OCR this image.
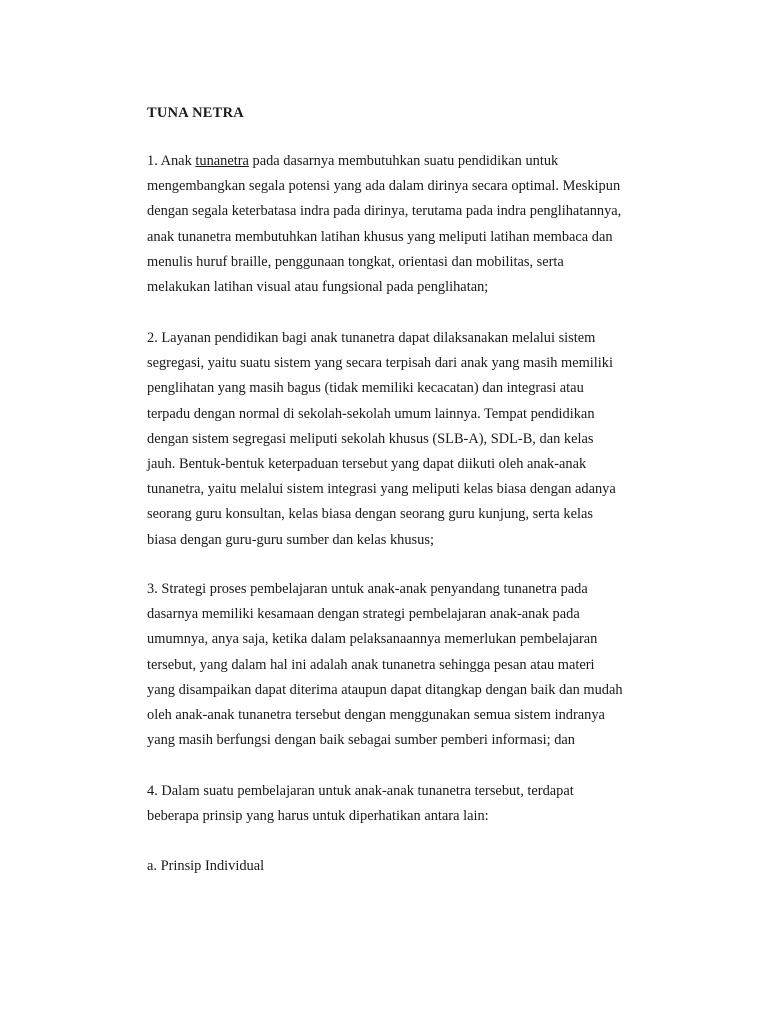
TUNA NETRA

1. Anak tunanetra pada dasarnya membutuhkan suatu pendidikan untuk
mengembangkan segala potensi yang ada dalam dirinya secara optimal. Meskipun
dengan segala keterbatasa indra pada dirinya, terutama pada indra penglihatannya,
anak tunanetra membutuhkan latihan khusus yang meliputi latihan membaca dan
menulis huruf braille, penggunaan tongkat, orientasi dan mobilitas, serta
melakukan latihan visual atau fungsional pada penglihatan;

2. Layanan pendidikan bagi anak tunanetra dapat dilaksanakan melalui sistem
segregasi, yaitu suatu sistem yang secara terpisah dari anak yang masih memiliki
penglihatan yang masih bagus (tidak memiliki kecacatan) dan integrasi atau
terpadu dengan normal di sekolah-sekolah umum lainnya. Tempat pendidikan
dengan sistem segregasi meliputi sekolah khusus (SLB-A), SDL-B, dan kelas
jauh. Bentuk-bentuk keterpaduan tersebut yang dapat diikuti oleh anak-anak
tunanetra, yaitu melalui sistem integrasi yang meliputi kelas biasa dengan adanya
seorang guru konsultan, kelas biasa dengan seorang guru kunjung, serta kelas
biasa dengan guru-guru sumber dan kelas khusus;

3. Strategi proses pembelajaran untuk anak-anak penyandang tunanetra pada
dasarnya memiliki kesamaan dengan strategi pembelajaran anak-anak pada
umumnya, anya saja, ketika dalam pelaksanaannya memerlukan pembelajaran
tersebut, yang dalam hal ini adalah anak tunanetra sehingga pesan atau materi
yang disampaikan dapat diterima ataupun dapat ditangkap dengan baik dan mudah
oleh anak-anak tunanetra tersebut dengan menggunakan semua sistem indranya
yang masih berfungsi dengan baik sebagai sumber pemberi informasi; dan

4. Dalam suatu pembelajaran untuk anak-anak tunanetra tersebut, terdapat
beberapa prinsip yang harus untuk diperhatikan antara lain:

a. Prinsip Individual
